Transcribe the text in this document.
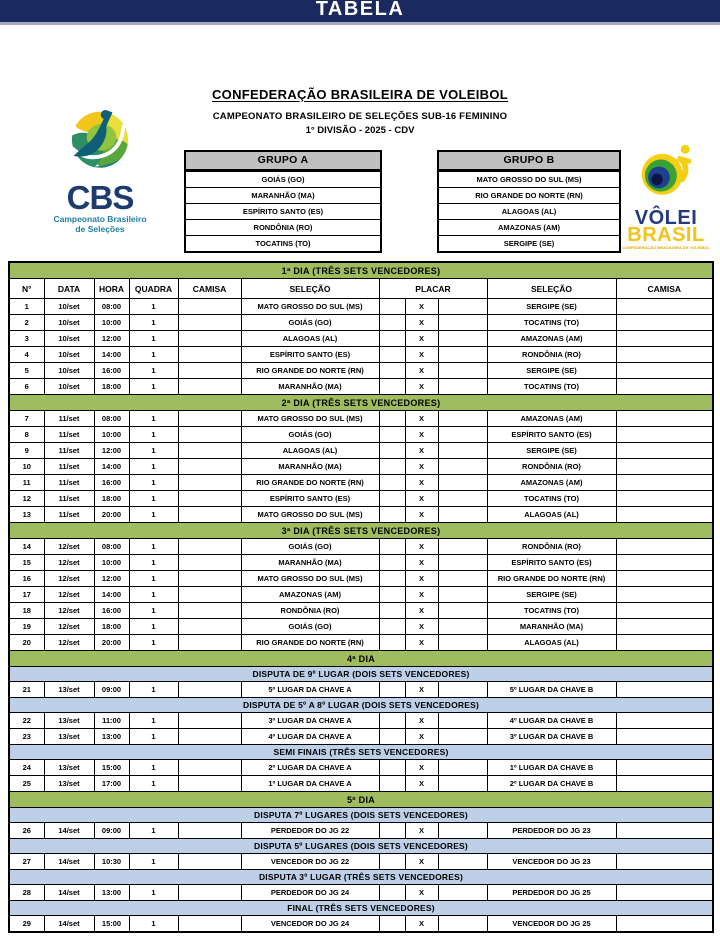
TABELA
CBS
Campeonato Brasileiro
de Seleções
CONFEDERAÇÃO BRASILEIRA DE VOLEIBOL
CAMPEONATO BRASILEIRO DE SELEÇÕES SUB-16 FEMININO
1° DIVISÃO - 2025 - CDV
GRUPO A
GOIÁS (GO)
MARANHÃO (MA)
ESPÍRITO SANTO (ES)
RONDÔNIA (RO)
TOCATINS (TO)
GRUPO B
MATO GROSSO DO SUL (MS)
RIO GRANDE DO NORTE (RN)
ALAGOAS (AL)
AMAZONAS (AM)
SERGIPE (SE)
VÔLEI
BRASIL
CONFEDERAÇÃO BRASILEIRA DE VOLEIBOL
1ª DIA (TRÊS SETS VENCEDORES)										
N°	DATA	HORA	QUADRA	CAMISA	SELEÇÃO	PLACAR			SELEÇÃO	CAMISA
1	10/set	08:00	1		MATO GROSSO DO SUL (MS)		X		SERGIPE (SE)	
2	10/set	10:00	1		GOIÁS (GO)		X		TOCATINS (TO)	
3	10/set	12:00	1		ALAGOAS (AL)		X		AMAZONAS (AM)	
4	10/set	14:00	1		ESPÍRITO SANTO (ES)		X		RONDÔNIA (RO)	
5	10/set	16:00	1		RIO GRANDE DO NORTE (RN)		X		SERGIPE (SE)	
6	10/set	18:00	1		MARANHÃO (MA)		X		TOCATINS (TO)	
2ª DIA (TRÊS SETS VENCEDORES)										
7	11/set	08:00	1		MATO GROSSO DO SUL (MS)		X		AMAZONAS (AM)	
8	11/set	10:00	1		GOIÁS (GO)		X		ESPÍRITO SANTO (ES)	
9	11/set	12:00	1		ALAGOAS (AL)		X		SERGIPE (SE)	
10	11/set	14:00	1		MARANHÃO (MA)		X		RONDÔNIA (RO)	
11	11/set	16:00	1		RIO GRANDE DO NORTE (RN)		X		AMAZONAS (AM)	
12	11/set	18:00	1		ESPÍRITO SANTO (ES)		X		TOCATINS (TO)	
13	11/set	20:00	1		MATO GROSSO DO SUL (MS)		X		ALAGOAS (AL)	
3ª DIA (TRÊS SETS VENCEDORES)										
14	12/set	08:00	1		GOIÁS (GO)		X		RONDÔNIA (RO)	
15	12/set	10:00	1		MARANHÃO (MA)		X		ESPÍRITO SANTO (ES)	
16	12/set	12:00	1		MATO GROSSO DO SUL (MS)		X		RIO GRANDE DO NORTE (RN)	
17	12/set	14:00	1		AMAZONAS (AM)		X		SERGIPE (SE)	
18	12/set	16:00	1		RONDÔNIA (RO)		X		TOCATINS (TO)	
19	12/set	18:00	1		GOIÁS (GO)		X		MARANHÃO (MA)	
20	12/set	20:00	1		RIO GRANDE DO NORTE (RN)		X		ALAGOAS (AL)	
4ª DIA										
DISPUTA DE 9º LUGAR (DOIS SETS VENCEDORES)										
21	13/set	09:00	1		5º LUGAR DA CHAVE A		X		5º LUGAR DA CHAVE B	
DISPUTA DE 5º A 8º LUGAR (DOIS SETS VENCEDORES)										
22	13/set	11:00	1		3º LUGAR DA CHAVE A		X		4º LUGAR DA CHAVE B	
23	13/set	13:00	1		4º LUGAR DA CHAVE A		X		3º LUGAR DA CHAVE B	
SEMI FINAIS (TRÊS SETS VENCEDORES)										
24	13/set	15:00	1		2º LUGAR DA CHAVE A		X		1º LUGAR DA CHAVE B	
25	13/set	17:00	1		1º LUGAR DA CHAVE A		X		2º LUGAR DA CHAVE B	
5º DIA										
DISPUTA 7º LUGARES (DOIS SETS VENCEDORES)										
26	14/set	09:00	1		PERDEDOR DO JG 22		X		PERDEDOR DO JG 23	
DISPUTA 5º LUGARES (DOIS SETS VENCEDORES)										
27	14/set	10:30	1		VENCEDOR DO JG 22		X		VENCEDOR DO JG 23	
DISPUTA 3º LUGAR (TRÊS SETS VENCEDORES)										
28	14/set	13:00	1		PERDEDOR DO JG 24		X		PERDEDOR DO JG 25	
FINAL (TRÊS SETS VENCEDORES)										
29	14/set	15:00	1		VENCEDOR DO JG 24		X		VENCEDOR DO JG 25	
